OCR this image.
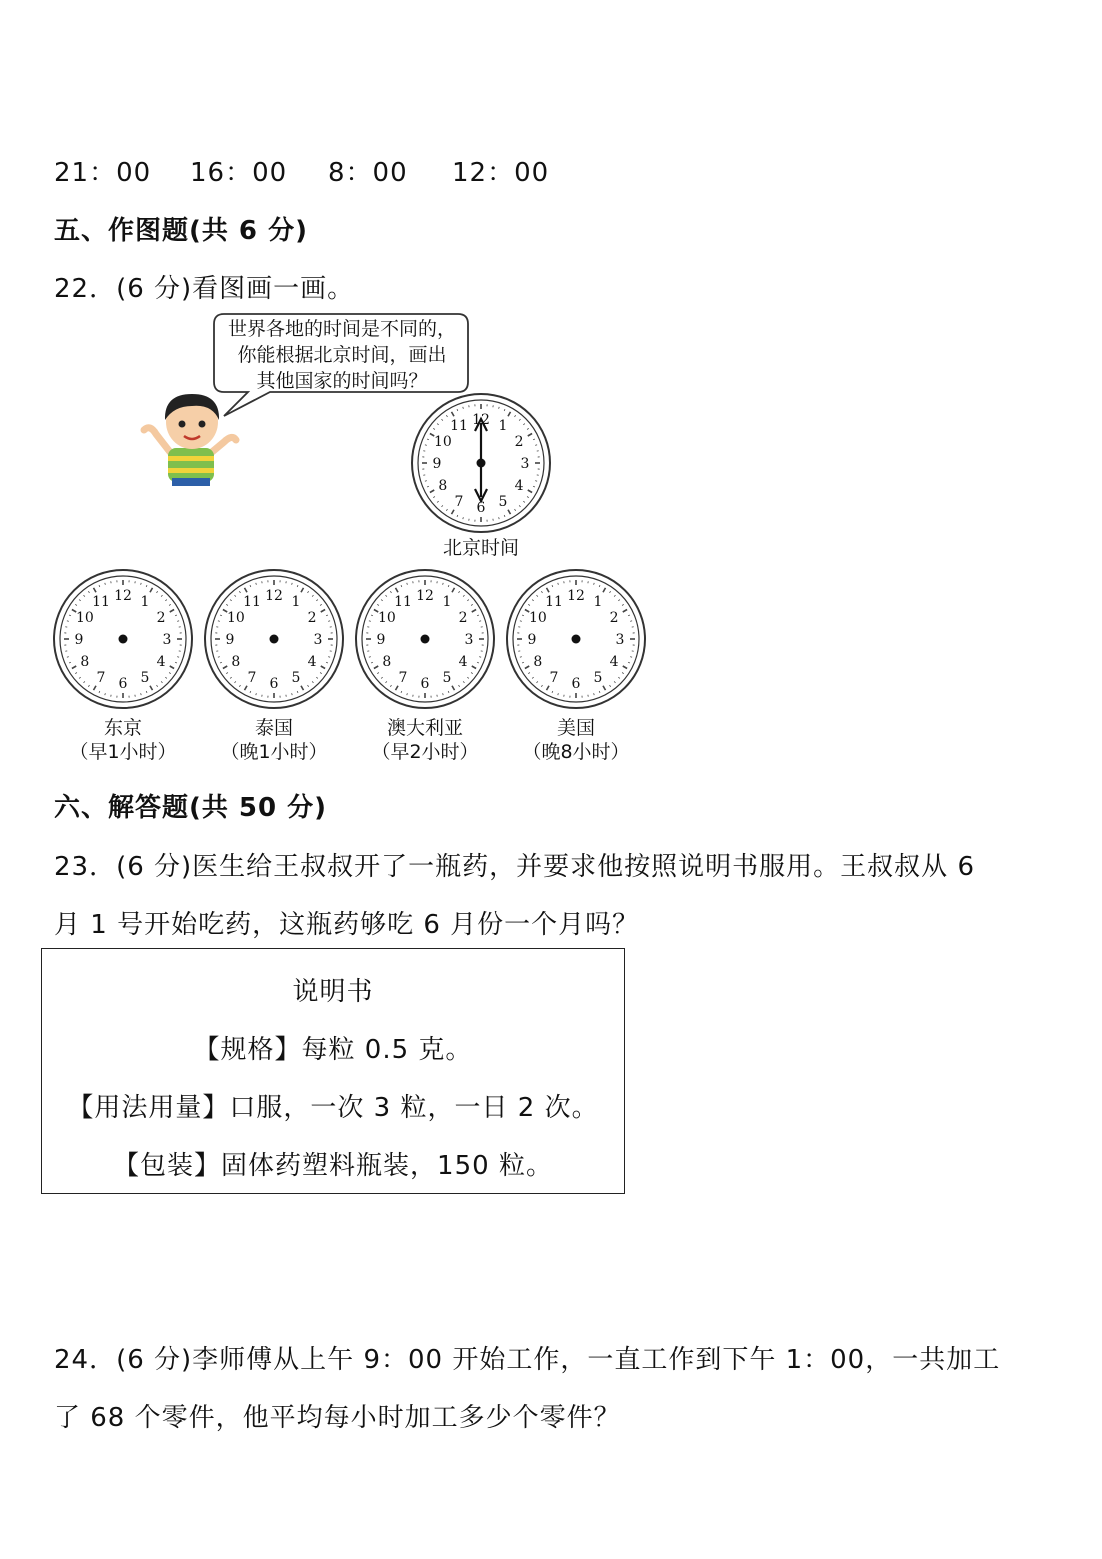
21：00 16：00 8：00 12：00
五、作图题(共 6 分)
22．(6 分)看图画一画。
世界各地的时间是不同的，
你能根据北京时间，画出
其他国家的时间吗？
12 1
2
3
4
5
6
7
8
9
10
11
北京时间
12 1
2
3
4
5
6
7
8
9
10
11	12 1
2
3
4
5
6
7
8
9
10
11	12 1
2
3
4
5
6
7
8
9
10
11	12 1
2
3
4
5
6
7
8
9
10
11
东京
（早1小时）
泰国
（晚1小时）
澳大利亚
（早2小时）
美国
（晚8小时）
六、解答题(共 50 分)
23．(6 分)医生给王叔叔开了一瓶药，并要求他按照说明书服用。王叔叔从 6
月 1 号开始吃药，这瓶药够吃 6 月份一个月吗？
说明书
【规格】每粒 0.5 克。
【用法用量】口服，一次 3 粒，一日 2 次。
【包装】固体药塑料瓶装，150 粒。
24．(6 分)李师傅从上午 9：00 开始工作，一直工作到下午 1：00，一共加工
了 68 个零件，他平均每小时加工多少个零件？
